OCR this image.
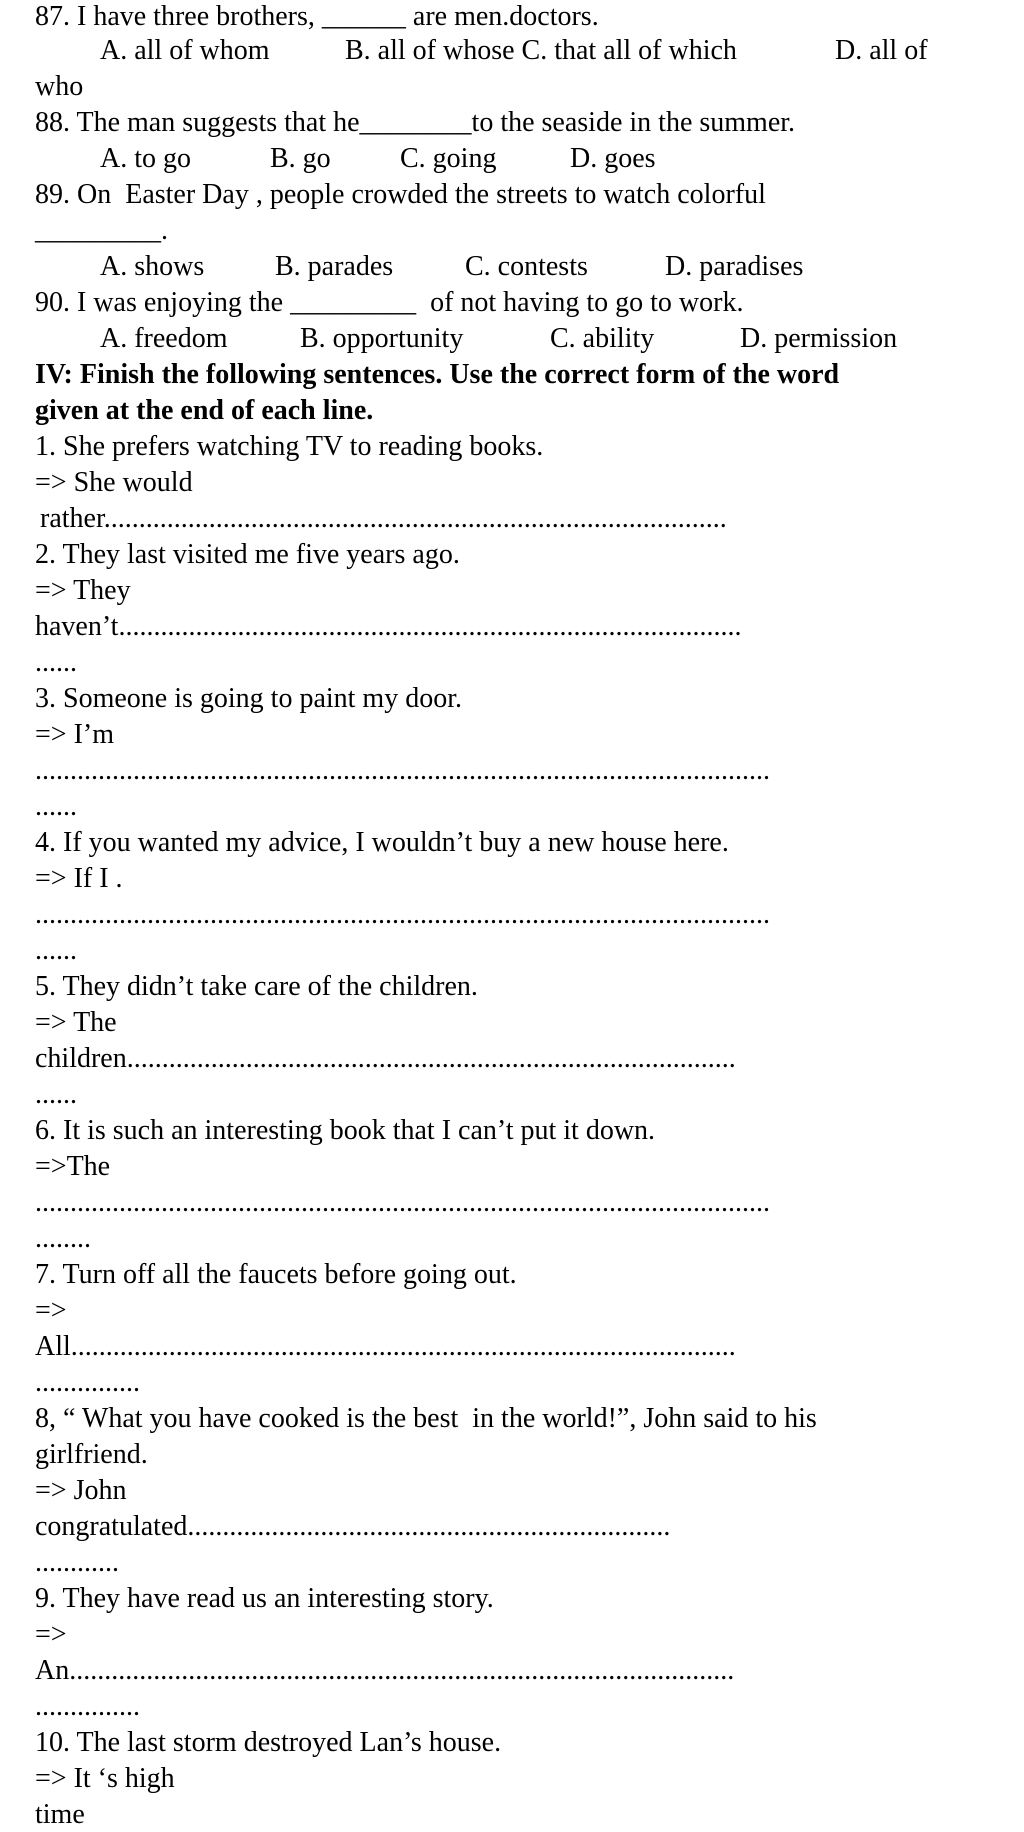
87. I have three brothers, ______ are men.doctors.
A. all of whom	B. all of whose C. that all of which	D. all of
who
88. The man suggests that he________to the seaside in the summer.
A. to go	B. go C. going	D. goes
89. On  Easter Day , people crowded the streets to watch colorful
_________.
A. shows	B. parades	C. contests	D. paradises
90. I was enjoying the _________  of not having to go to work.
A. freedom	B. opportunity	C. ability	D. permission
IV: Finish the following sentences. Use the correct form of the word
given at the end of each line.
1. She prefers watching TV to reading books.
=> She would
rather.........................................................................................
2. They last visited me five years ago.
=> They
haven’t.........................................................................................
......
3. Someone is going to paint my door.
=> I’m
.........................................................................................................
......
4. If you wanted my advice, I wouldn’t buy a new house here.
=> If I .
.........................................................................................................
......
5. They didn’t take care of the children.
=> The
children.......................................................................................
......
6. It is such an interesting book that I can’t put it down.
=>The
.........................................................................................................
........
7. Turn off all the faucets before going out.
=>
All...............................................................................................
...............
8, “ What you have cooked is the best  in the world!”, John said to his
girlfriend.
=> John
congratulated.....................................................................
............
9. They have read us an interesting story.
=>
An...............................................................................................
...............
10. The last storm destroyed Lan’s house.
=> It ‘s high
time
